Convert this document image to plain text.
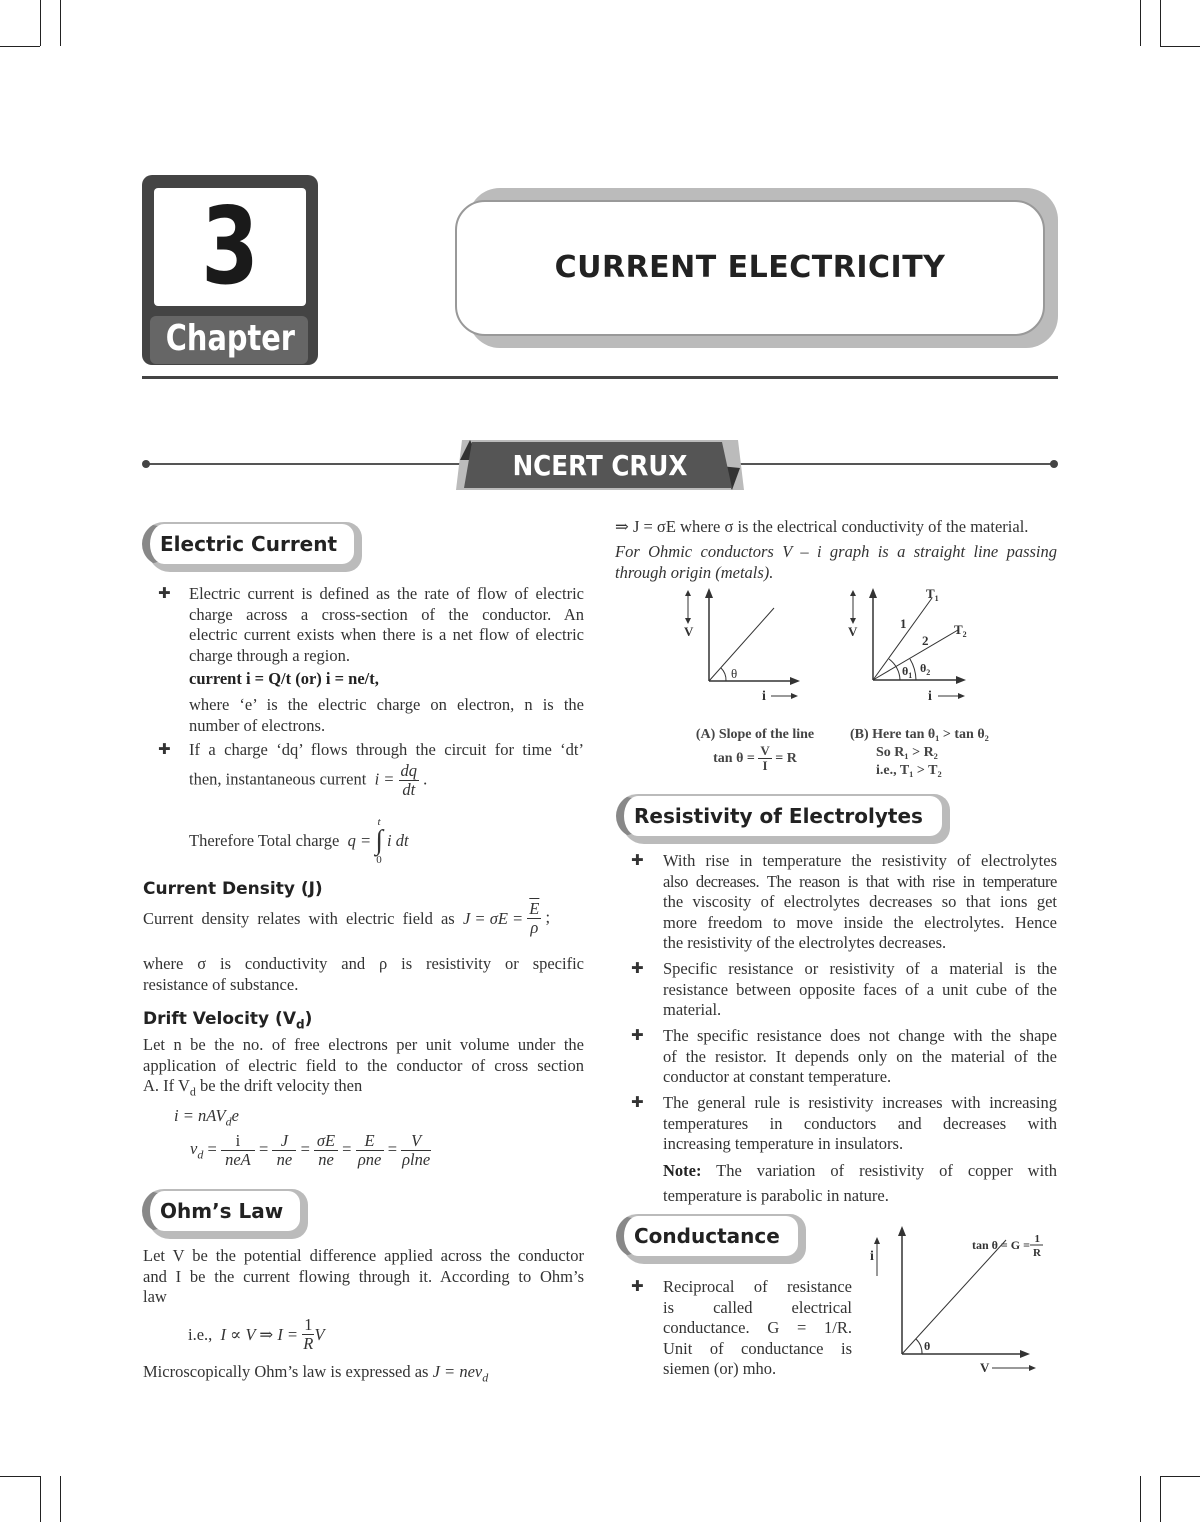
3
Chapter
CURRENT ELECTRICITY
NCERT CRUX
Electric Current
✚ Electric current is defined as the rate of flow of electric
charge across a cross-section of the conductor. An
electric current exists when there is a net flow of electric
charge through a region.
current i = Q/t (or) i = ne/t,
where ‘e’ is the electric charge on electron, n is the
number of electrons.
✚ If a charge ‘dq’ flows through the circuit for time ‘dt’
then, instantaneous current $i = \frac{dq}{dt}$ .
Therefore Total charge q =
t
∫
0
i dt
Current Density (J)
Current density relates with electric field as $J = \sigma E = \frac{\overline{E}}{\rho}$ ;
where σ is conductivity and ρ is resistivity or specific
resistance of substance.
Drift Velocity $(V_d)$
Let n be the no. of free electrons per unit volume under the
application of electric field to the conductor of cross section
A. If $V_d$ be the drift velocity then
i = nAV$_d$e
$v_d = \frac{i}{\text{neA}} = \frac{J}{ne} = \frac{\sigma E}{ne} = \frac{E}{\text{ρne}} = \frac{V}{\rho\ln e}$
Ohm’s Law
Let V be the potential difference applied across the conductor
and I be the current flowing through it. According to Ohm’s
law
i.e., I ∝ V ⇒ $I = \frac{1}{R}$ V
Microscopically Ohm’s law is expressed as J = nev$_d$
⇒ J = σE where σ is the electrical conductivity of the material.
For Ohmic conductors V – i graph is a straight line passing
through origin (metals).
V
θ
i
(A) Slope of the line
$\tan \theta = \frac{V}{I} = R$
V
1
2
$T_1$
$T_2$
$\theta_1$
$\theta_2$
i
(B) Here tan θ₁ > tan θ₂
So R₁ > R₂
i.e., T₁ > T₂
Resistivity of Electrolytes
✚ With rise in temperature the resistivity of electrolytes
also decreases. The reason is that with rise in temperature
the viscosity of electrolytes decreases so that ions get
more freedom to move inside the electrolytes. Hence
the resistivity of the electrolytes decreases.
✚ Specific resistance or resistivity of a material is the
resistance between opposite faces of a unit cube of the
material.
✚ The specific resistance does not change with the shape
of the resistor. It depends only on the material of the
conductor at constant temperature.
✚ The general rule is resistivity increases with increasing
temperatures in conductors and decreases with
increasing temperature in insulators.
Note: The variation of resistivity of copper with
temperature is parabolic in nature.
Conductance
✚ Reciprocal of resistance
is called electrical
conductance. G = 1/R.
Unit of conductance is
siemen (or) mho.
i
θ
V
tan θ = G = 1
R
